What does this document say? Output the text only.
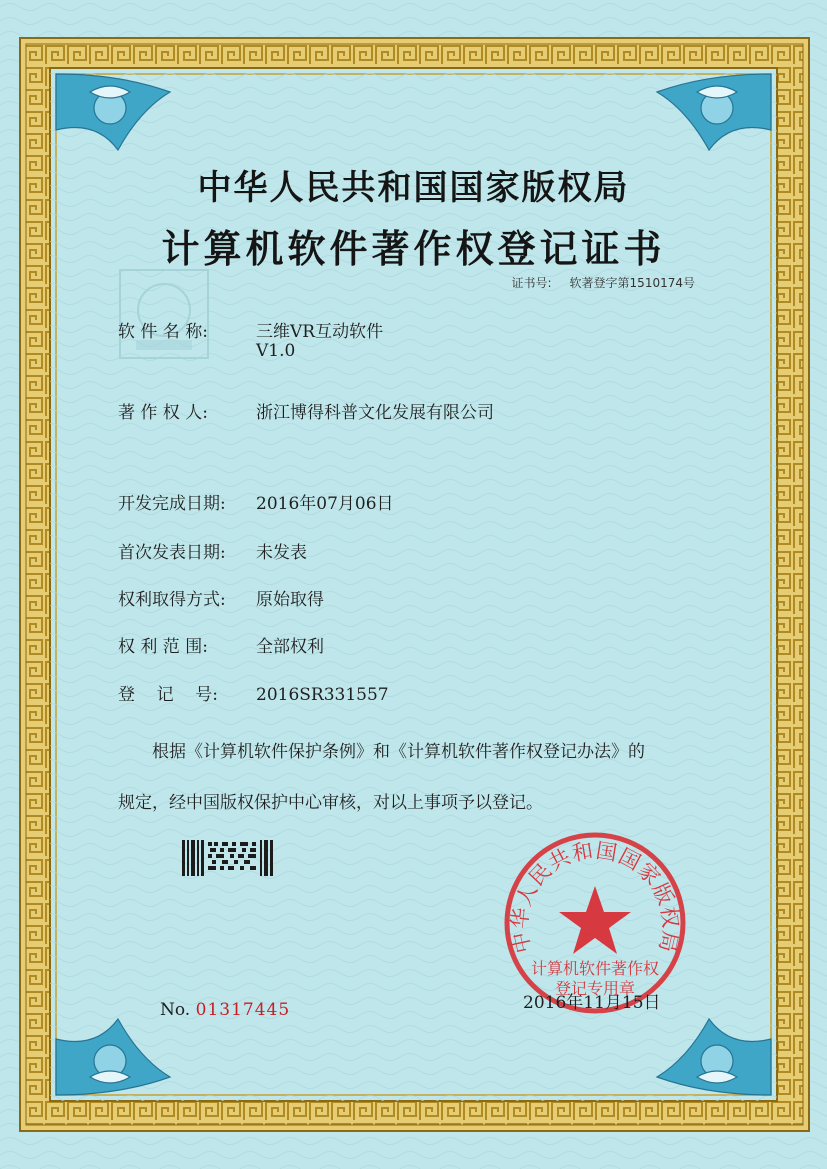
中华人民共和国国家版权局
计算机软件著作权登记证书
证书号: 软著登字第1510174号
软 件 名 称:	三维VR互动软件
V1.0
著 作 权 人:	浙江博得科普文化发展有限公司
开发完成日期: 2016年07月06日
首次发表日期: 未发表
权利取得方式: 原始取得
权 利 范 围:	全部权利
登    记    号: 2016SR331557
根据《计算机软件保护条例》和《计算机软件著作权登记办法》的
规定，经中国版权保护中心审核，对以上事项予以登记。
No. 01317445
中华人民共和国国家版权局
计算机软件著作权
登记专用章
2016年11月15日
